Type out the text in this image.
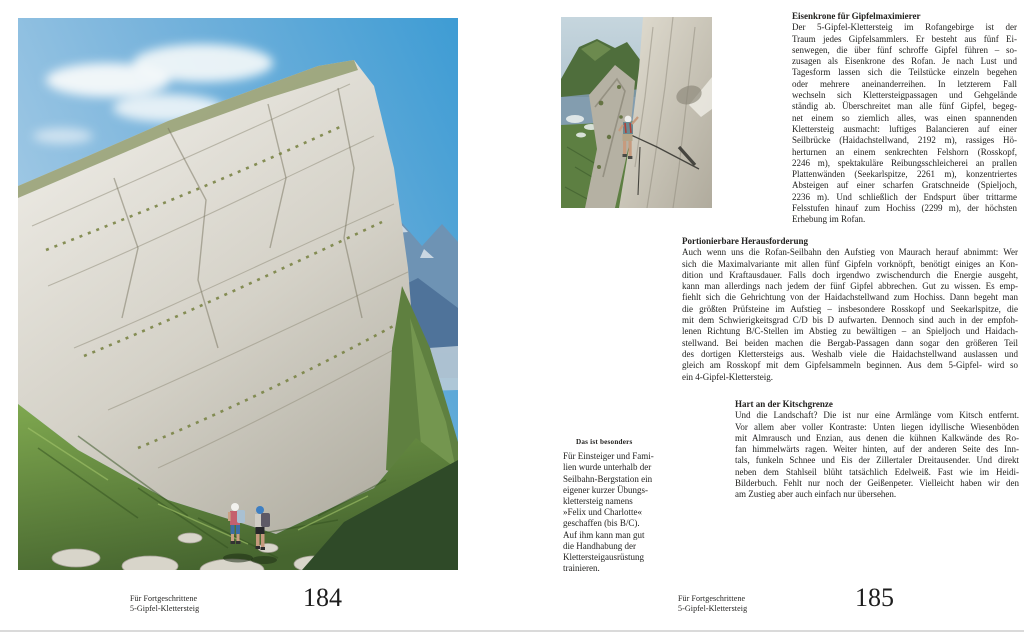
Für Fortgeschrittene
5-Gipfel-Klettersteig	184
Das ist besonders
Für Einsteiger und Fami-
lien wurde unterhalb der
Seilbahn-Bergstation ein
eigener kurzer Übungs-
klettersteig namens
»Felix und Charlotte«
geschaffen (bis B/C).
Auf ihm kann man gut
die Handhabung der
Klettersteigausrüstung
trainieren.
Eisenkrone für Gipfelmaximierer
Der 5-Gipfel-Klettersteig im Rofangebirge ist der
Traum jedes Gipfelsammlers. Er besteht aus fünf Ei-
senwegen, die über fünf schroffe Gipfel führen – so-
zusagen als Eisenkrone des Rofan. Je nach Lust und
Tagesform lassen sich die Teilstücke einzeln begehen
oder mehrere aneinanderreihen. In letzterem Fall
wechseln sich Klettersteigpassagen und Gehgelände
ständig ab. Überschreitet man alle fünf Gipfel, begeg-
net einem so ziemlich alles, was einen spannenden
Klettersteig ausmacht: luftiges Balancieren auf einer
Seilbrücke (Haidachstellwand, 2192 m), rassiges Hö-
herturnen an einem senkrechten Felshorn (Rosskopf,
2246 m), spektakuläre Reibungsschleicherei an prallen
Plattenwänden (Seekarlspitze, 2261 m), konzentriertes
Absteigen auf einer scharfen Gratschneide (Spieljoch,
2236 m). Und schließlich der Endspurt über trittarme
Felsstufen hinauf zum Hochiss (2299 m), der höchsten
Erhebung im Rofan.
Portionierbare Herausforderung
Auch wenn uns die Rofan-Seilbahn den Aufstieg von Maurach herauf abnimmt: Wer
sich die Maximalvariante mit allen fünf Gipfeln vorknöpft, benötigt einiges an Kon-
dition und Kraftausdauer. Falls doch irgendwo zwischendurch die Energie ausgeht,
kann man allerdings nach jedem der fünf Gipfel abbrechen. Gut zu wissen. Es emp-
fiehlt sich die Gehrichtung von der Haidachstellwand zum Hochiss. Dann begeht man
die größten Prüfsteine im Aufstieg – insbesondere Rosskopf und Seekarlspitze, die
mit dem Schwierigkeitsgrad C/D bis D aufwarten. Dennoch sind auch in der empfoh-
lenen Richtung B/C-Stellen im Abstieg zu bewältigen – an Spieljoch und Haidach-
stellwand. Bei beiden machen die Bergab-Passagen dann sogar den größeren Teil
des dortigen Klettersteigs aus. Weshalb viele die Haidachstellwand auslassen und
gleich am Rosskopf mit dem Gipfelsammeln beginnen. Aus dem 5-Gipfel- wird so
ein 4-Gipfel-Klettersteig.
Hart an der Kitschgrenze
Und die Landschaft? Die ist nur eine Armlänge vom Kitsch entfernt.
Vor allem aber voller Kontraste: Unten liegen idyllische Wiesenböden
mit Almrausch und Enzian, aus denen die kühnen Kalkwände des Ro-
fan himmelwärts ragen. Weiter hinten, auf der anderen Seite des Inn-
tals, funkeln Schnee und Eis der Zillertaler Dreitausender. Und direkt
neben dem Stahlseil blüht tatsächlich Edelweiß. Fast wie im Heidi-
Bilderbuch. Fehlt nur noch der Geißenpeter. Vielleicht haben wir den
am Zustieg aber auch einfach nur übersehen.
Für Fortgeschrittene
5-Gipfel-Klettersteig	185
